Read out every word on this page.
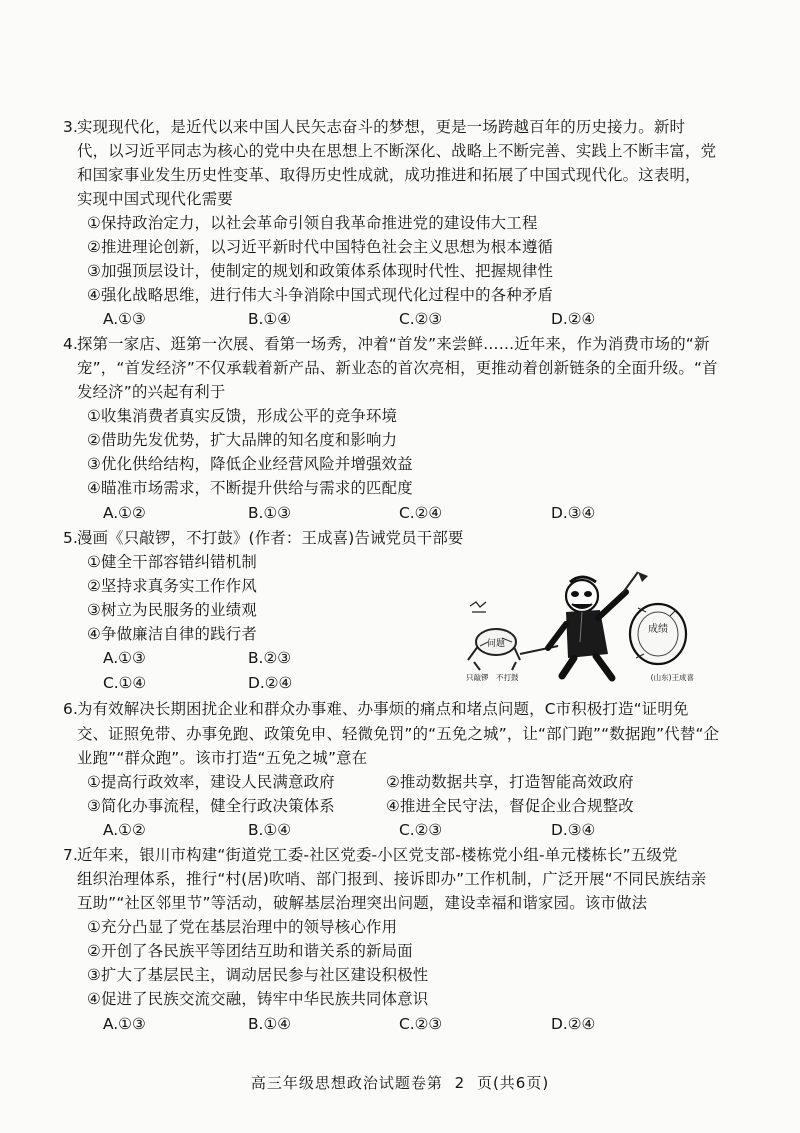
3.
实现现代化，是近代以来中国人民矢志奋斗的梦想，更是一场跨越百年的历史接力。新时
代，以习近平同志为核心的党中央在思想上不断深化、战略上不断完善、实践上不断丰富，党
和国家事业发生历史性变革、取得历史性成就，成功推进和拓展了中国式现代化。这表明，
实现中国式现代化需要
①保持政治定力，以社会革命引领自我革命推进党的建设伟大工程
②推进理论创新，以习近平新时代中国特色社会主义思想为根本遵循
③加强顶层设计，使制定的规划和政策体系体现时代性、把握规律性
④强化战略思维，进行伟大斗争消除中国式现代化过程中的各种矛盾
A.①③	B.①④	C.②③	D.②④
4.
探第一家店、逛第一次展、看第一场秀，冲着“首发”来尝鲜……近年来，作为消费市场的“新
宠”，“首发经济”不仅承载着新产品、新业态的首次亮相，更推动着创新链条的全面升级。“首
发经济”的兴起有利于
①收集消费者真实反馈，形成公平的竞争环境
②借助先发优势，扩大品牌的知名度和影响力
③优化供给结构，降低企业经营风险并增强效益
④瞄准市场需求，不断提升供给与需求的匹配度
A.①②	B.①③	C.②④	D.③④
5.
漫画《只敲锣，不打鼓》(作者：王成喜)告诫党员干部要
①健全干部容错纠错机制
②坚持求真务实工作作风
③树立为民服务的业绩观
④争做廉洁自律的践行者
A.①③	B.②③
C.①④	D.②④
问题
成绩
只敲锣　不打鼓	(山东)王成喜
6.
为有效解决长期困扰企业和群众办事难、办事烦的痛点和堵点问题，C市积极打造“证明免
交、证照免带、办事免跑、政策免申、轻微免罚”的“五免之城”，让“部门跑”“数据跑”代替“企
业跑”“群众跑”。该市打造“五免之城”意在
①提高行政效率，建设人民满意政府	②推动数据共享，打造智能高效政府
③简化办事流程，健全行政决策体系	④推进全民守法，督促企业合规整改
A.①②	B.①④	C.②③	D.③④
7.
近年来，银川市构建“街道党工委-社区党委-小区党支部-楼栋党小组-单元楼栋长”五级党
组织治理体系，推行“村(居)吹哨、部门报到、接诉即办”工作机制，广泛开展“不同民族结亲
互助”“社区邻里节”等活动，破解基层治理突出问题，建设幸福和谐家园。该市做法
①充分凸显了党在基层治理中的领导核心作用
②开创了各民族平等团结互助和谐关系的新局面
③扩大了基层民主，调动居民参与社区建设积极性
④促进了民族交流交融，铸牢中华民族共同体意识
A.①③	B.①④	C.②③	D.②④
高三年级思想政治试题卷第 2 页(共6页)
